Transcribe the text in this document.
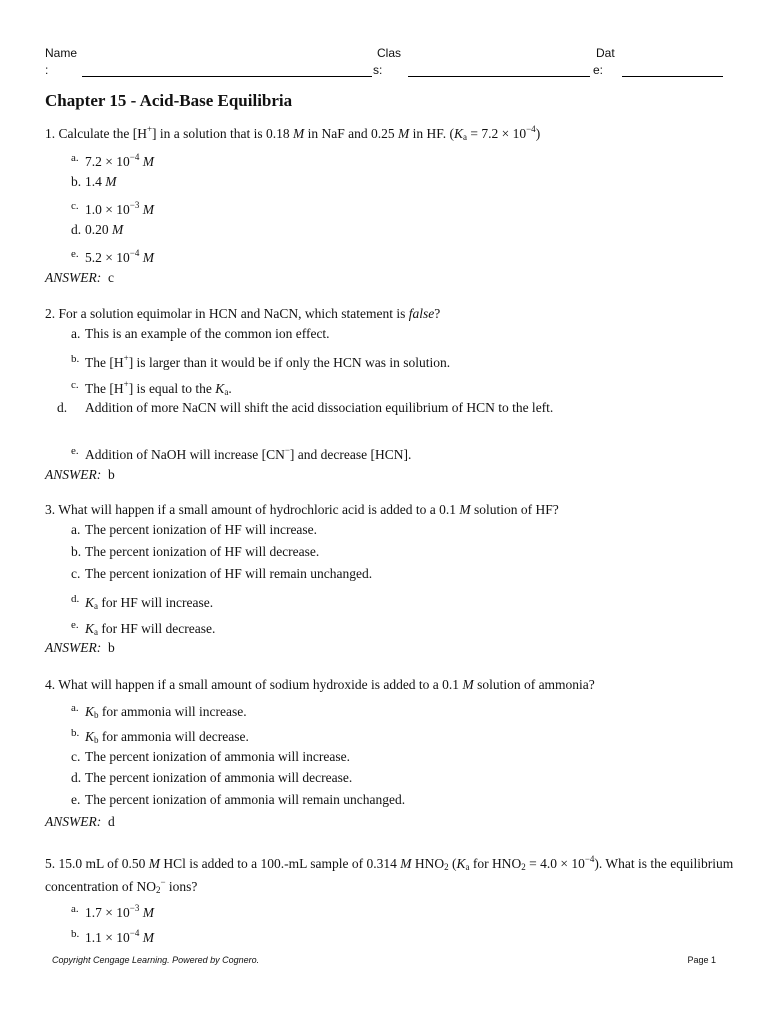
Name
:
Clas
s:
Dat
e:
Chapter 15 - Acid-Base Equilibria
1. Calculate the [H+] in a solution that is 0.18 M in NaF and 0.25 M in HF. $(K_a = 7.2 \times 10^{-4})$
a. $7.2 \times 10^{-4}$ M
b. 1.4 M
c. $1.0 \times 10^{-3}$ M
d. 0.20 M
e. $5.2 \times 10^{-4}$ M
ANSWER: c
2. For a solution equimolar in HCN and NaCN, which statement is false?
a. This is an example of the common ion effect.
b. The [H+] is larger than it would be if only the HCN was in solution.
c. The [H+] is equal to the $K_a$.
d. Addition of more NaCN will shift the acid dissociation equilibrium of HCN to the left.
e. Addition of NaOH will increase [CN−] and decrease [HCN].
ANSWER: b
3. What will happen if a small amount of hydrochloric acid is added to a 0.1 M solution of HF?
a. The percent ionization of HF will increase.
b. The percent ionization of HF will decrease.
c. The percent ionization of HF will remain unchanged.
d. $K_a$ for HF will increase.
e. $K_a$ for HF will decrease.
ANSWER: b
4. What will happen if a small amount of sodium hydroxide is added to a 0.1 M solution of ammonia?
a. $K_b$ for ammonia will increase.
b. $K_b$ for ammonia will decrease.
c. The percent ionization of ammonia will increase.
d. The percent ionization of ammonia will decrease.
e. The percent ionization of ammonia will remain unchanged.
ANSWER: d
5. 15.0 mL of 0.50 M HCl is added to a 100.-mL sample of 0.314 M $HNO_2$ ($K_a$ for $HNO_2 = 4.0 \times 10^{-4}$). What is the equilibrium concentration of $NO_2^-$ ions?
a. $1.7 \times 10^{-3}$ M
b. $1.1 \times 10^{-4}$ M
Copyright Cengage Learning. Powered by Cognero.	Page 1
